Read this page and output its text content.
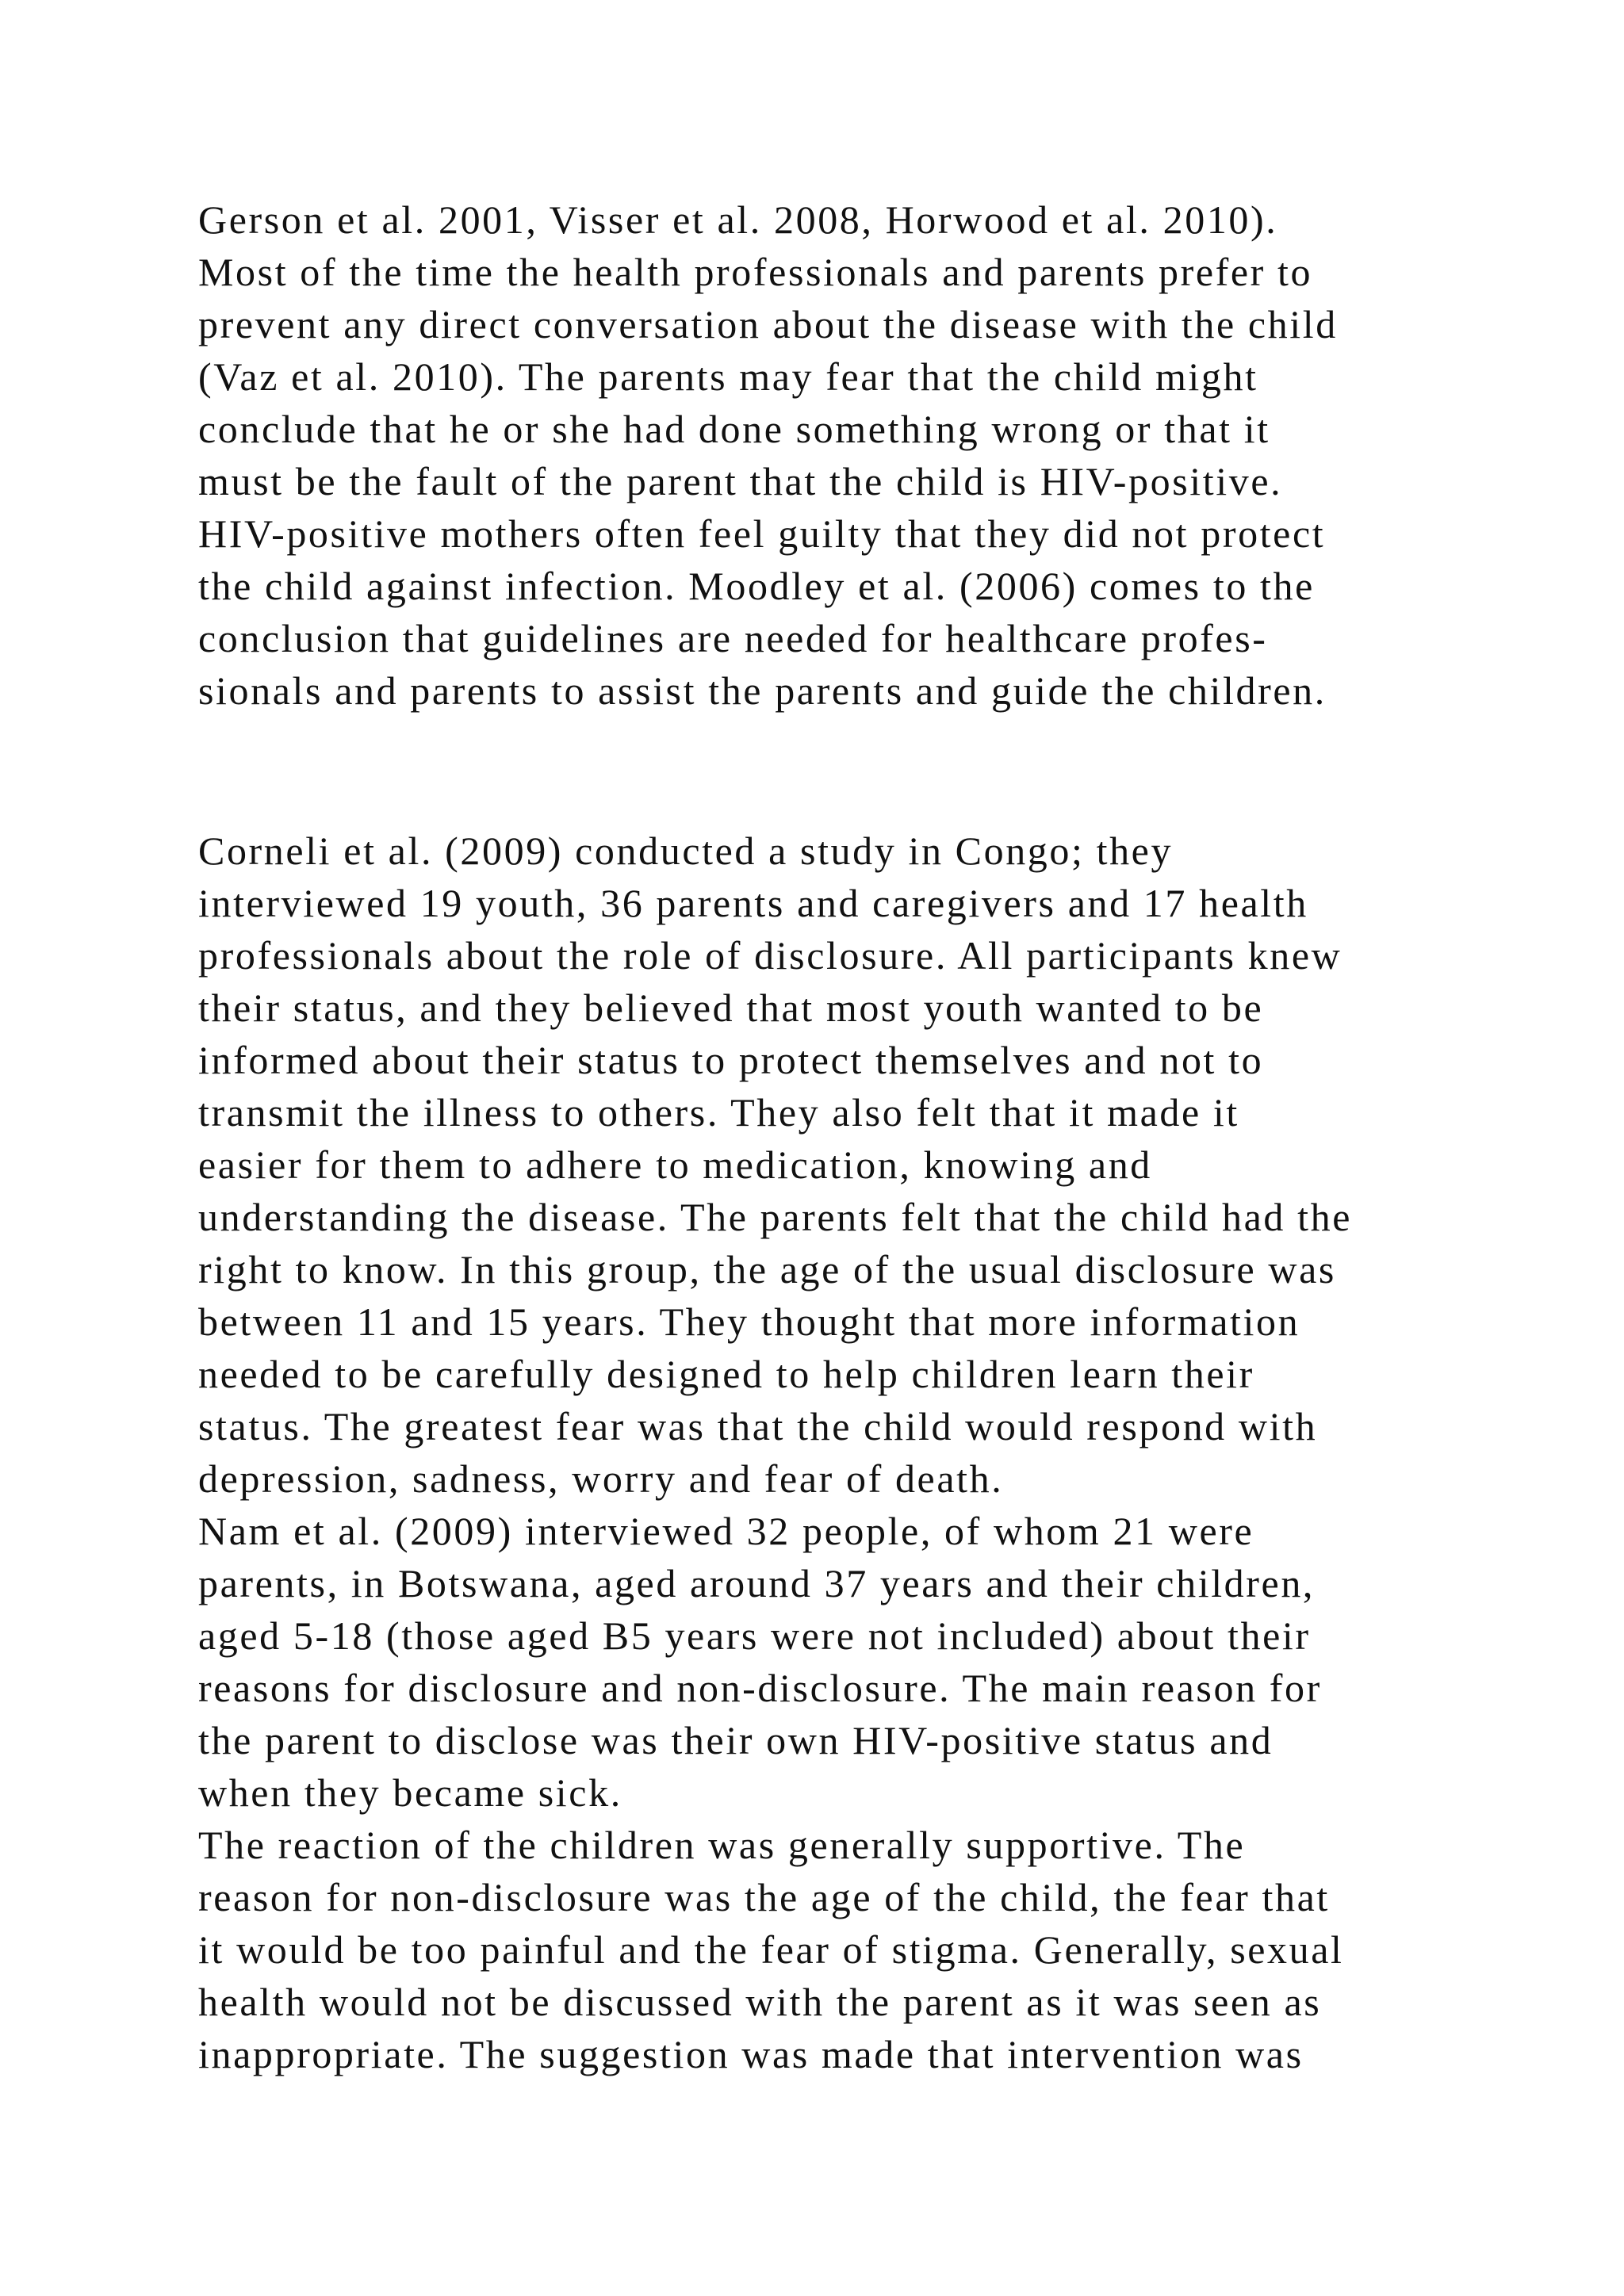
Gerson et al. 2001, Visser et al. 2008, Horwood et al. 2010).
Most of the time the health professionals and parents prefer to
prevent any direct conversation about the disease with the child
(Vaz et al. 2010). The parents may fear that the child might
conclude that he or she had done something wrong or that it
must be the fault of the parent that the child is HIV-positive.
HIV-positive mothers often feel guilty that they did not protect
the child against infection. Moodley et al. (2006) comes to the
conclusion that guidelines are needed for healthcare profes-
sionals and parents to assist the parents and guide the children.
Corneli et al. (2009) conducted a study in Congo; they
interviewed 19 youth, 36 parents and caregivers and 17 health
professionals about the role of disclosure. All participants knew
their status, and they believed that most youth wanted to be
informed about their status to protect themselves and not to
transmit the illness to others. They also felt that it made it
easier for them to adhere to medication, knowing and
understanding the disease. The parents felt that the child had the
right to know. In this group, the age of the usual disclosure was
between 11 and 15 years. They thought that more information
needed to be carefully designed to help children learn their
status. The greatest fear was that the child would respond with
depression, sadness, worry and fear of death.
Nam et al. (2009) interviewed 32 people, of whom 21 were
parents, in Botswana, aged around 37 years and their children,
aged 5-18 (those aged B5 years were not included) about their
reasons for disclosure and non-disclosure. The main reason for
the parent to disclose was their own HIV-positive status and
when they became sick.
The reaction of the children was generally supportive. The
reason for non-disclosure was the age of the child, the fear that
it would be too painful and the fear of stigma. Generally, sexual
health would not be discussed with the parent as it was seen as
inappropriate. The suggestion was made that intervention was
